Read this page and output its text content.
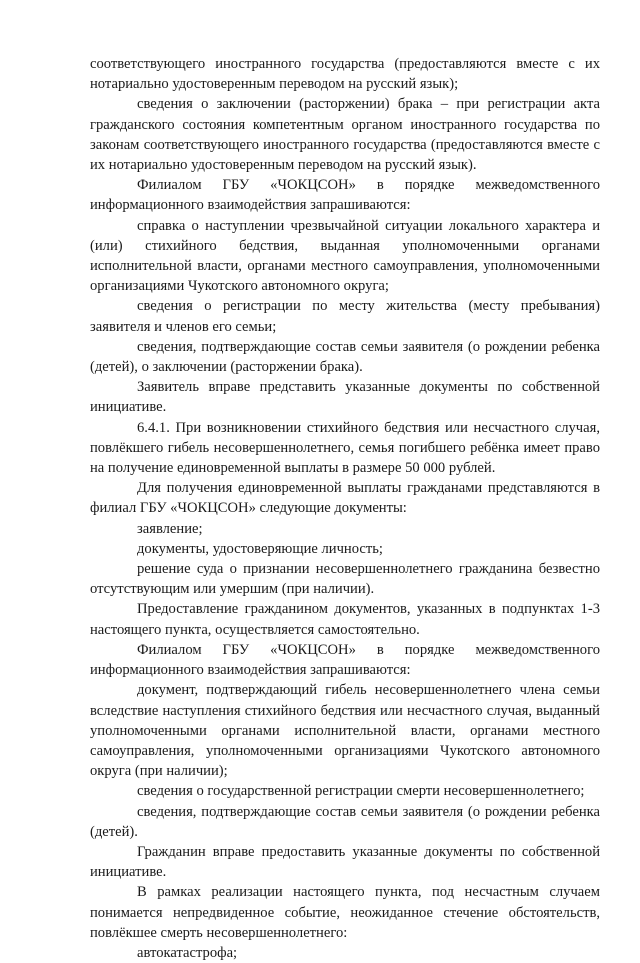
соответствующего иностранного государства (предоставляются вместе с их нотариально удостоверенным переводом на русский язык);

сведения о заключении (расторжении) брака – при регистрации акта гражданского состояния компетентным органом иностранного государства по законам соответствующего иностранного государства (предоставляются вместе с их нотариально удостоверенным переводом на русский язык).

Филиалом ГБУ «ЧОКЦСОН» в порядке межведомственного информационного взаимодействия запрашиваются:

справка о наступлении чрезвычайной ситуации локального характера и (или) стихийного бедствия, выданная уполномоченными органами исполнительной власти, органами местного самоуправления, уполномоченными организациями Чукотского автономного округа;

сведения о регистрации по месту жительства (месту пребывания) заявителя и членов его семьи;

сведения, подтверждающие состав семьи заявителя (о рождении ребенка (детей), о заключении (расторжении брака).

Заявитель вправе представить указанные документы по собственной инициативе.

6.4.1. При возникновении стихийного бедствия или несчастного случая, повлёкшего гибель несовершеннолетнего, семья погибшего ребёнка имеет право на получение единовременной выплаты в размере 50 000 рублей.

Для получения единовременной выплаты гражданами представляются в филиал ГБУ «ЧОКЦСОН» следующие документы:

заявление;

документы, удостоверяющие личность;

решение суда о признании несовершеннолетнего гражданина безвестно отсутствующим или умершим (при наличии).

Предоставление гражданином документов, указанных в подпунктах 1-3 настоящего пункта, осуществляется самостоятельно.

Филиалом ГБУ «ЧОКЦСОН» в порядке межведомственного информационного взаимодействия запрашиваются:

документ, подтверждающий гибель несовершеннолетнего члена семьи вследствие наступления стихийного бедствия или несчастного случая, выданный уполномоченными органами исполнительной власти, органами местного самоуправления, уполномоченными организациями Чукотского автономного округа (при наличии);

сведения о государственной регистрации смерти несовершеннолетнего;

сведения, подтверждающие состав семьи заявителя (о рождении ребенка (детей).

Гражданин вправе предоставить указанные документы по собственной инициативе.

В рамках реализации настоящего пункта, под несчастным случаем понимается непредвиденное событие, неожиданное стечение обстоятельств, повлёкшее смерть несовершеннолетнего:

автокатастрофа;
